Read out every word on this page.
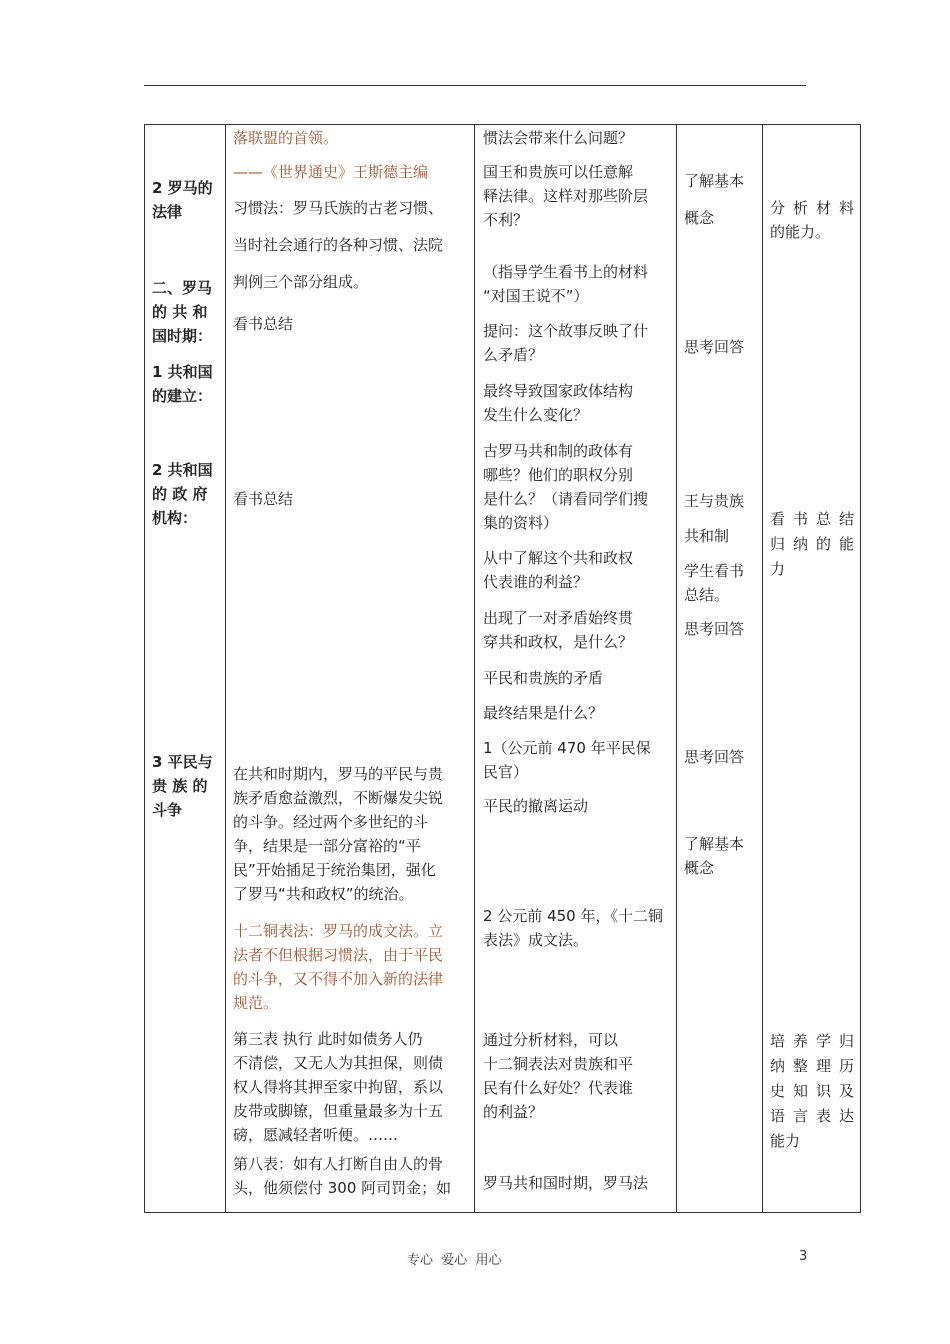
2 罗马的
法律
二、罗马
的 共 和
国时期：
1 共和国
的建立：
2 共和国
的 政 府
机构：
3 平民与
贵 族 的
斗争
落联盟的首领。
——《世界通史》王斯德主编
习惯法：罗马氏族的古老习惯、
当时社会通行的各种习惯、法院
判例三个部分组成。
看书总结
看书总结
在共和时期内，罗马的平民与贵
族矛盾愈益激烈，不断爆发尖锐
的斗争。经过两个多世纪的斗
争，结果是一部分富裕的“平
民”开始插足于统治集团，强化
了罗马“共和政权”的统治。
十二铜表法：罗马的成文法。立
法者不但根据习惯法，由于平民
的斗争，又不得不加入新的法律
规范。
第三表 执行 此时如债务人仍
不清偿，又无人为其担保，则债
权人得将其押至家中拘留，系以
皮带或脚镣，但重量最多为十五
磅，愿减轻者听便。……
第八表：如有人打断自由人的骨
头，他须偿付 300 阿司罚金；如
惯法会带来什么问题？
国王和贵族可以任意解
释法律。这样对那些阶层
不利？
（指导学生看书上的材料
“对国王说不”）
提问：这个故事反映了什
么矛盾？
最终导致国家政体结构
发生什么变化？
古罗马共和制的政体有
哪些？他们的职权分别
是什么？（请看同学们搜
集的资料）
从中了解这个共和政权
代表谁的利益？
出现了一对矛盾始终贯
穿共和政权，是什么？
平民和贵族的矛盾
最终结果是什么？
1（公元前 470 年平民保
民官）
平民的撤离运动
2 公元前 450 年，《十二铜
表法》成文法。
通过分析材料，可以
十二铜表法对贵族和平
民有什么好处？代表谁
的利益？
罗马共和国时期，罗马法
了解基本
概念
思考回答
王与贵族
共和制
学生看书
总结。
思考回答
思考回答
了解基本
概念
分析材料
的能力。
看书总结
归纳的能
力
培养学归
纳整理历
史知识及
语言表达
能力
专心  爱心  用心	3
